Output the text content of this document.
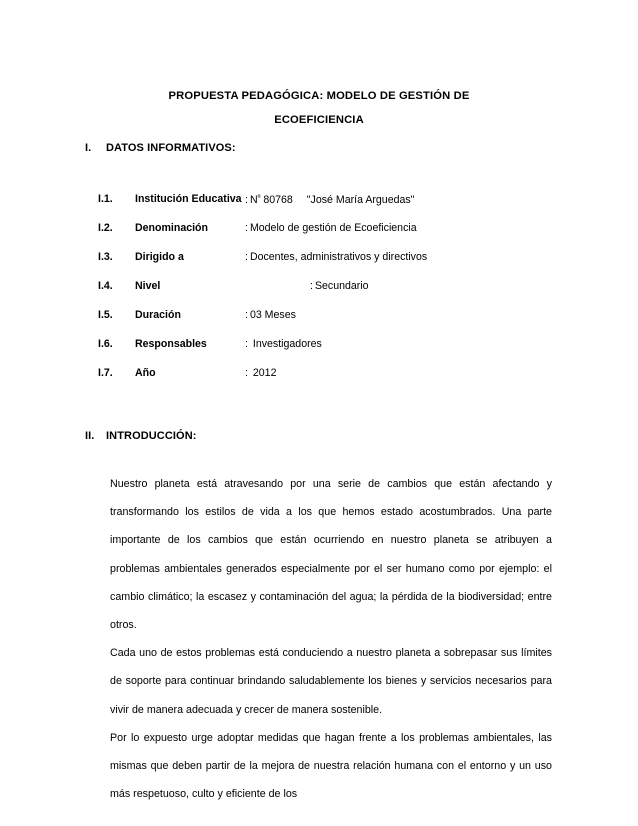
PROPUESTA PEDAGÓGICA: MODELO DE GESTIÓN DE
ECOEFICIENCIA
I. DATOS INFORMATIVOS:
I.1.	Institución Educativa : $N^º$ 80768 "José María Arguedas"
I.2.	Denominación	: Modelo de gestión de Ecoeficiencia
I.3.	Dirigido a	: Docentes, administrativos y directivos
I.4.	Nivel	: Secundario
I.5.	Duración	: 03 Meses
I.6.	Responsables	: Investigadores
I.7.	Año	: 2012
II. INTRODUCCIÓN:

Nuestro planeta está atravesando por una serie de cambios que están afectando y transformando los estilos de vida a los que hemos estado acostumbrados. Una parte importante de los cambios que están ocurriendo en nuestro planeta se atribuyen a problemas ambientales generados especialmente por el ser humano como por ejemplo: el cambio climático; la escasez y contaminación del agua; la pérdida de la biodiversidad; entre otros.

Cada uno de estos problemas está conduciendo a nuestro planeta a sobrepasar sus límites de soporte para continuar brindando saludablemente los bienes y servicios necesarios para vivir de manera adecuada y crecer de manera sostenible.

Por lo expuesto urge adoptar medidas que hagan frente a los problemas ambientales, las mismas que deben partir de la mejora de nuestra relación humana con el entorno y un uso más respetuoso, culto y eficiente de los
